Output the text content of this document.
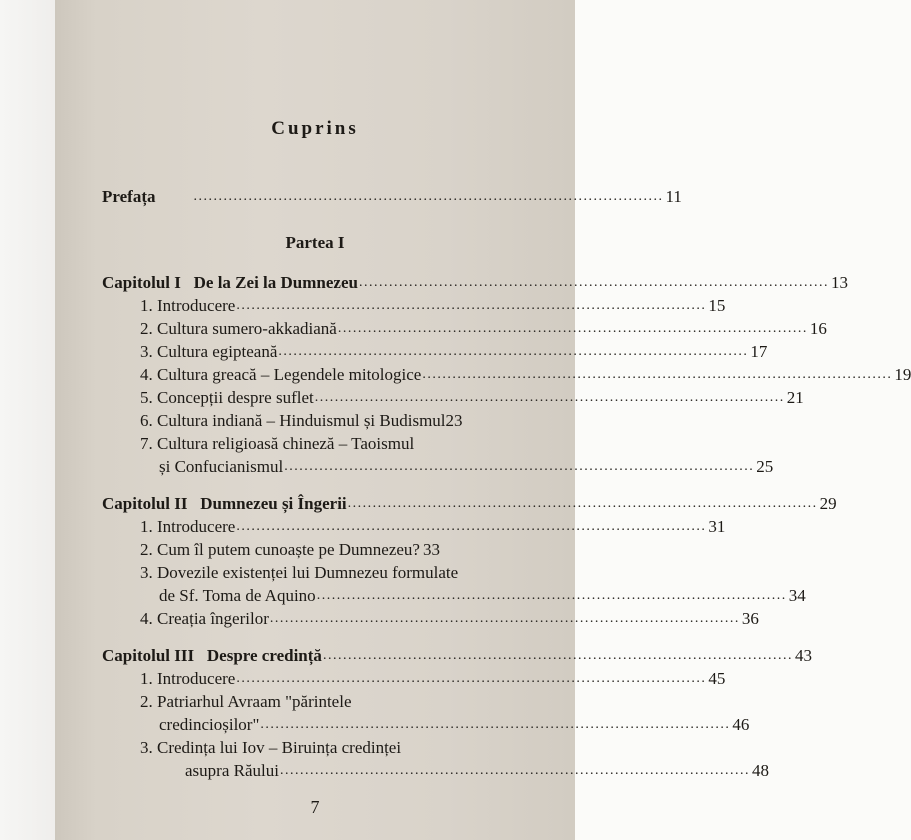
Cuprins
Prefața	.............................................................................................. 11
Partea I
Capitolul I De la Zei la Dumnezeu .............................................................................................. 13
1. Introducere .............................................................................................. 15
2. Cultura sumero-akkadiană .............................................................................................. 16
3. Cultura egipteană .............................................................................................. 17
4. Cultura greacă – Legendele mitologice .............................................................................................. 19
5. Concepții despre suflet .............................................................................................. 21
6. Cultura indiană – Hinduismul și Budismul23
7. Cultura religioasă chineză – Taoismul
și Confucianismul .............................................................................................. 25
Capitolul II Dumnezeu și Îngerii .............................................................................................. 29
1. Introducere .............................................................................................. 31
2. Cum îl putem cunoaște pe Dumnezeu? 33
3. Dovezile existenței lui Dumnezeu formulate
de Sf. Toma de Aquino .............................................................................................. 34
4. Creația îngerilor .............................................................................................. 36
Capitolul III Despre credință .............................................................................................. 43
1. Introducere .............................................................................................. 45
2. Patriarhul Avraam "părintele
credincioșilor" .............................................................................................. 46
3. Credința lui Iov – Biruința credinței
asupra Răului .............................................................................................. 48
7
